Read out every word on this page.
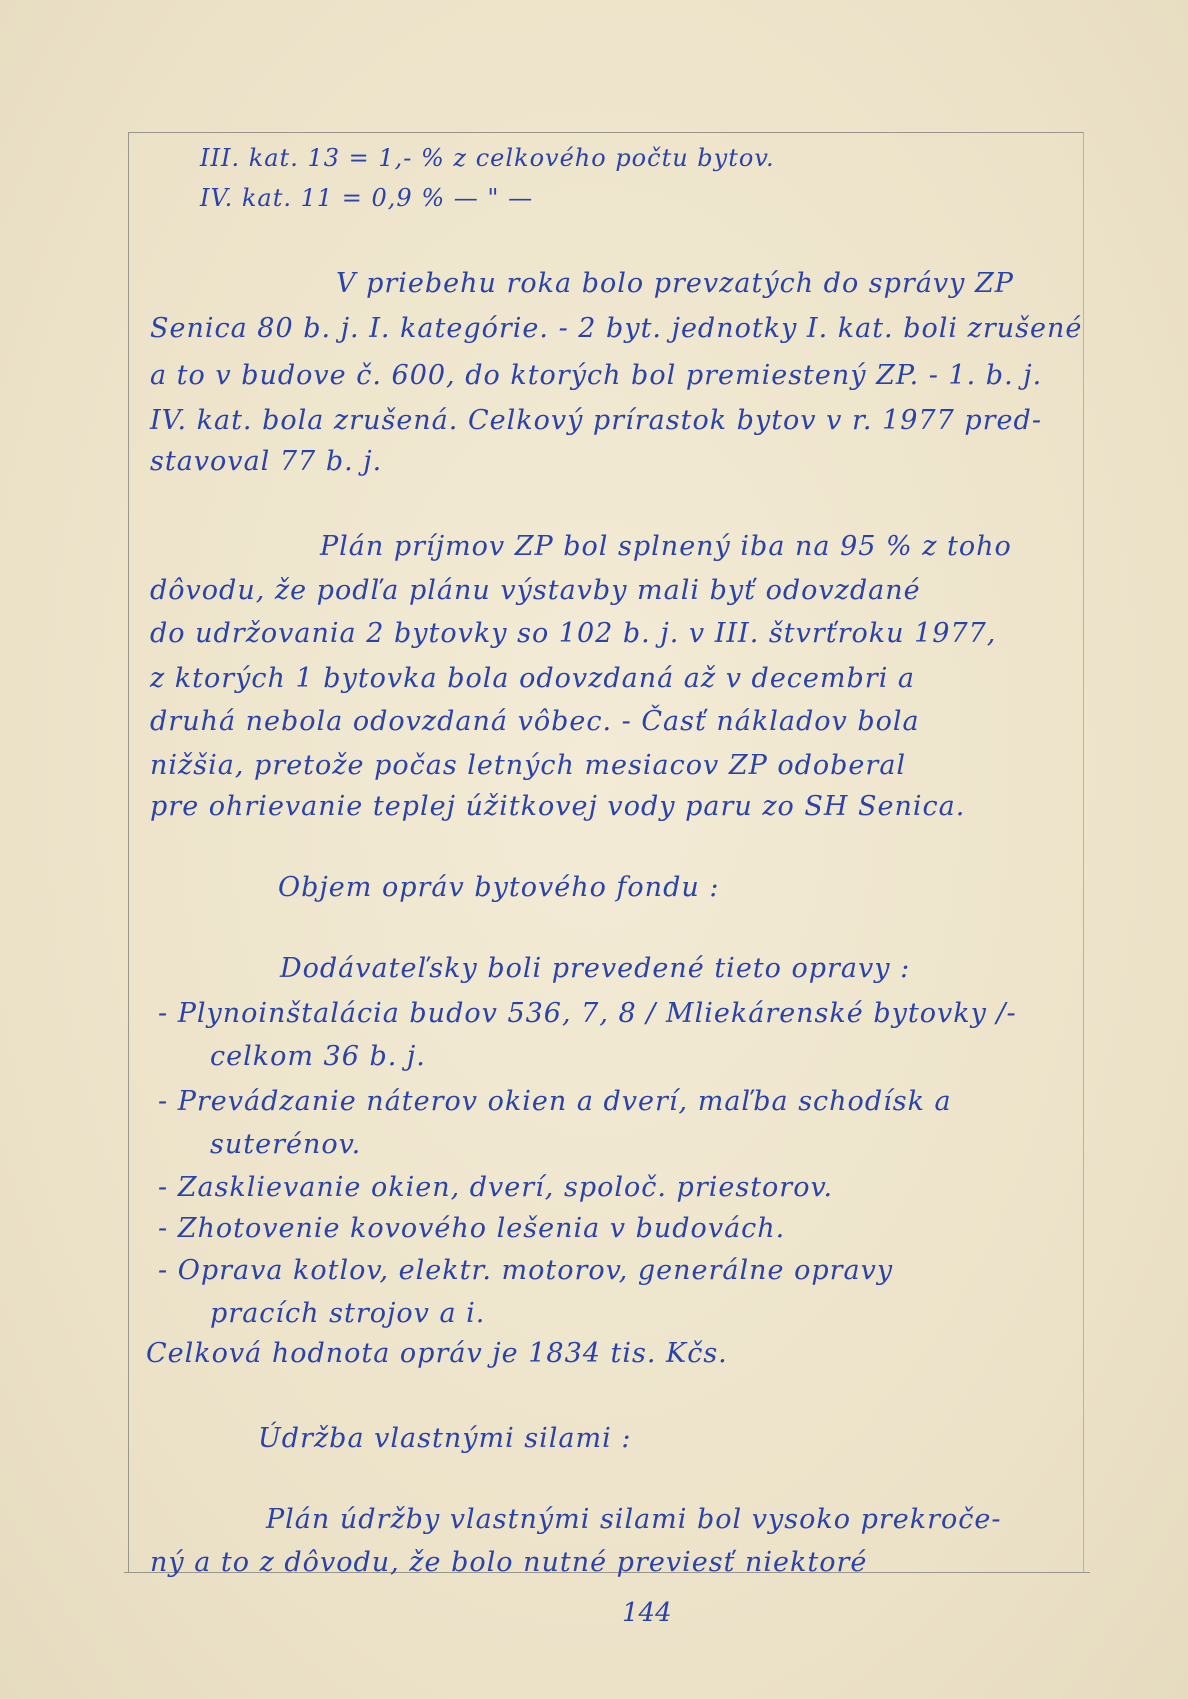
III. kat. 13 = 1,- % z celkového počtu bytov.
IV. kat. 11 = 0,9 % — " —
V priebehu roka bolo prevzatých do správy ZP
Senica 80 b. j. I. kategórie. - 2 byt. jednotky I. kat. boli zrušené
a to v budove č. 600, do ktorých bol premiestený ZP. - 1. b. j.
IV. kat. bola zrušená. Celkový prírastok bytov v r. 1977 pred-
stavoval 77 b. j.
Plán príjmov ZP bol splnený iba na 95 % z toho
dôvodu, že podľa plánu výstavby mali byť odovzdané
do udržovania 2 bytovky so 102 b. j. v III. štvrťroku 1977,
z ktorých 1 bytovka bola odovzdaná až v decembri a
druhá nebola odovzdaná vôbec. - Časť nákladov bola
nižšia, pretože počas letných mesiacov ZP odoberal
pre ohrievanie teplej úžitkovej vody paru zo SH Senica.
Objem opráv bytového fondu :
Dodávateľsky boli prevedené tieto opravy :
- Plynoinštalácia budov 536, 7, 8 / Mliekárenské bytovky /-
celkom 36 b. j.
- Prevádzanie náterov okien a dverí, maľba schodísk a
suterénov.
- Zasklievanie okien, dverí, spoloč. priestorov.
- Zhotovenie kovového lešenia v budovách.
- Oprava kotlov, elektr. motorov, generálne opravy
pracích strojov a i.
Celková hodnota opráv je 1834 tis. Kčs.
Údržba vlastnými silami :
Plán údržby vlastnými silami bol vysoko prekroče-
ný a to z dôvodu, že bolo nutné previesť niektoré
144
